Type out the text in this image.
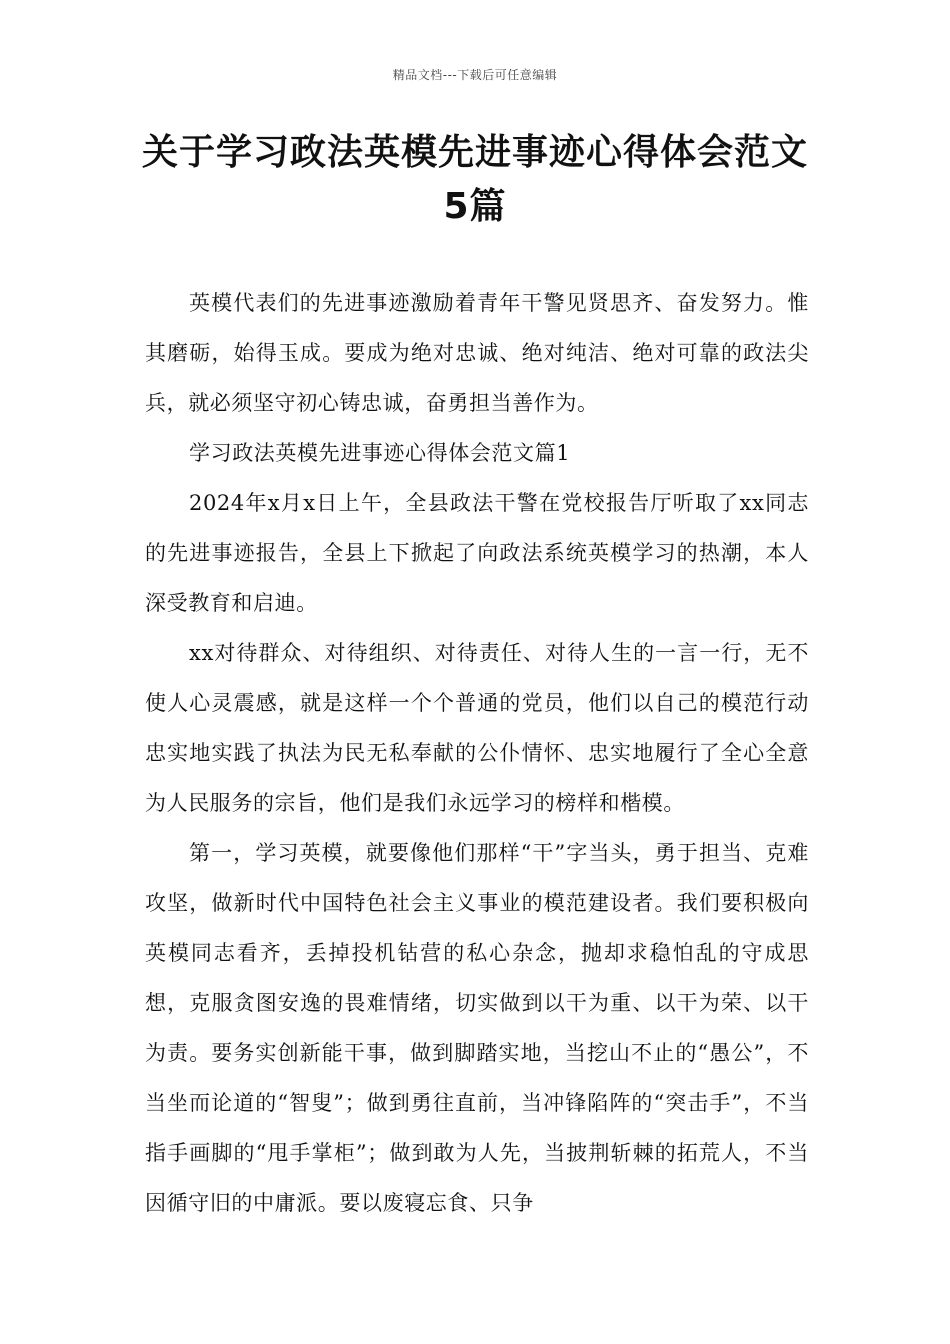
精品文档---下载后可任意编辑
关于学习政法英模先进事迹心得体会范文5篇

英模代表们的先进事迹激励着青年干警见贤思齐、奋发努力。惟其磨砺，始得玉成。要成为绝对忠诚、绝对纯洁、绝对可靠的政法尖兵，就必须坚守初心铸忠诚，奋勇担当善作为。

学习政法英模先进事迹心得体会范文篇1

2024年x月x日上午，全县政法干警在党校报告厅听取了xx同志的先进事迹报告，全县上下掀起了向政法系统英模学习的热潮，本人深受教育和启迪。

xx对待群众、对待组织、对待责任、对待人生的一言一行，无不使人心灵震感，就是这样一个个普通的党员，他们以自己的模范行动忠实地实践了执法为民无私奉献的公仆情怀、忠实地履行了全心全意为人民服务的宗旨，他们是我们永远学习的榜样和楷模。

第一，学习英模，就要像他们那样“干”字当头，勇于担当、克难攻坚，做新时代中国特色社会主义事业的模范建设者。我们要积极向英模同志看齐，丢掉投机钻营的私心杂念，抛却求稳怕乱的守成思想，克服贪图安逸的畏难情绪，切实做到以干为重、以干为荣、以干为责。要务实创新能干事，做到脚踏实地，当挖山不止的“愚公”，不当坐而论道的“智叟”；做到勇往直前，当冲锋陷阵的“突击手”，不当指手画脚的“甩手掌柜”；做到敢为人先，当披荆斩棘的拓荒人，不当因循守旧的中庸派。要以废寝忘食、只争
